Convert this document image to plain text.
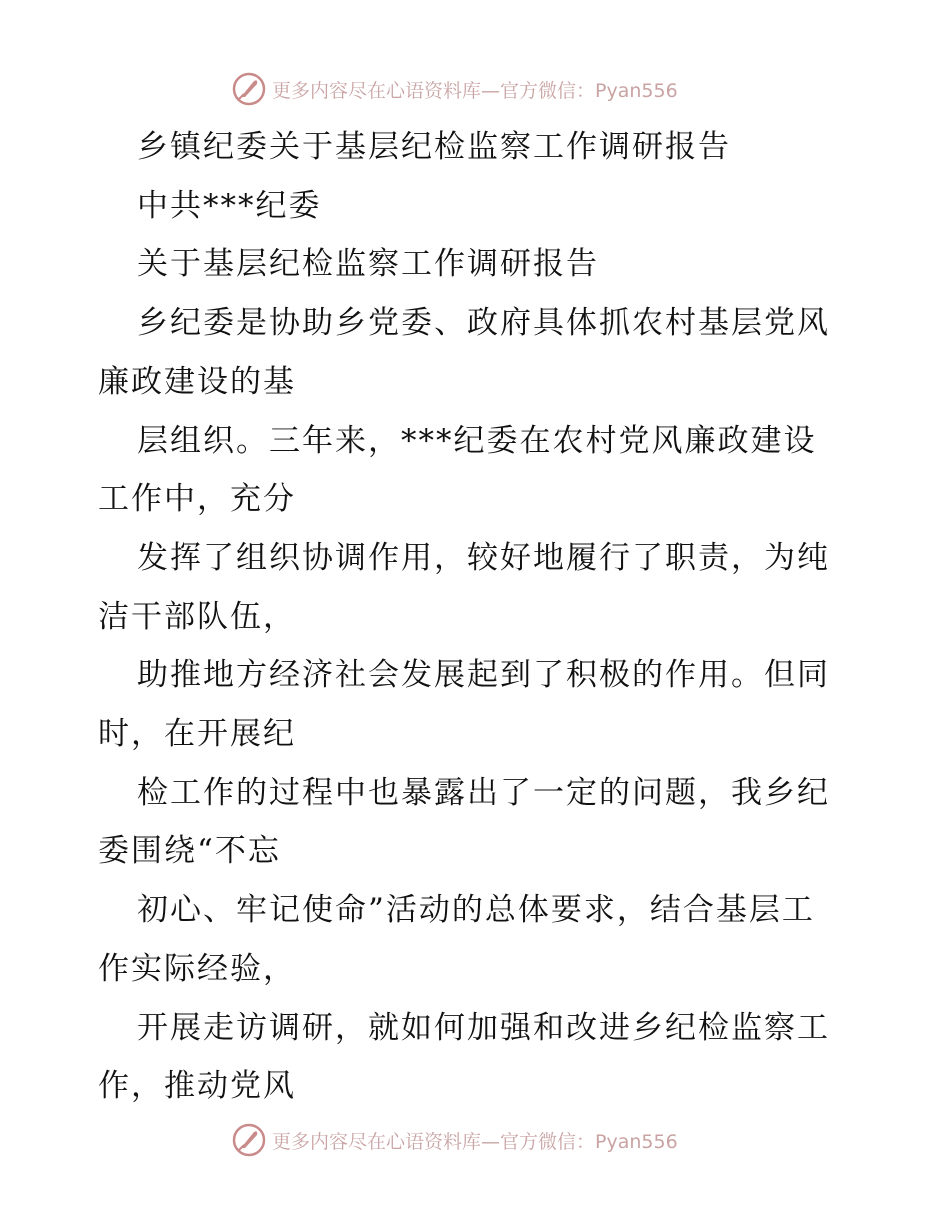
更多内容尽在心语资料库—官方微信：Pyan556
乡镇纪委关于基层纪检监察工作调研报告
中共***纪委
关于基层纪检监察工作调研报告
乡纪委是协助乡党委、政府具体抓农村基层党风
廉政建设的基
层组织。三年来，***纪委在农村党风廉政建设
工作中，充分
发挥了组织协调作用，较好地履行了职责，为纯
洁干部队伍，
助推地方经济社会发展起到了积极的作用。但同
时，在开展纪
检工作的过程中也暴露出了一定的问题，我乡纪
委围绕“不忘
初心、牢记使命”活动的总体要求，结合基层工
作实际经验，
开展走访调研，就如何加强和改进乡纪检监察工
作，推动党风
更多内容尽在心语资料库—官方微信：Pyan556
